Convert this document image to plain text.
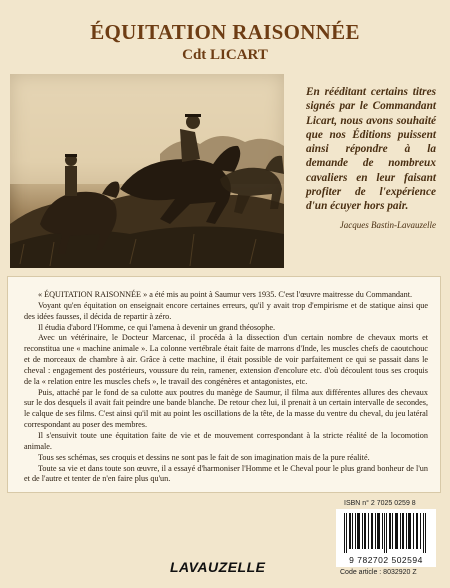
ÉQUITATION RAISONNÉE
Cdt LICART
En rééditant certains titres signés par le Commandant Licart, nous avons souhaité que nos Éditions puissent ainsi répondre à la demande de nombreux cavaliers en leur faisant profiter de l'expérience d'un écuyer hors pair.
Jacques Bastin-Lavauzelle

« ÉQUITATION RAISONNÉE » a été mis au point à Saumur vers 1935. C'est l'œuvre maitresse du Commandant.

Voyant qu'en équitation on enseignait encore certaines erreurs, qu'il y avait trop d'empirisme et de statique ainsi que des idées fausses, il décida de repartir à zéro.

Il étudia d'abord l'Homme, ce qui l'amena à devenir un grand théosophe.

Avec un vétérinaire, le Docteur Marcenac, il procéda à la dissection d'un certain nombre de chevaux morts et reconstitua une « machine animale ». La colonne vertébrale était faite de marrons d'Inde, les muscles chefs de caoutchouc et de morceaux de chambre à air. Grâce à cette machine, il était possible de voir parfaitement ce qui se passait dans le cheval : engagement des postérieurs, voussure du rein, ramener, extension d'encolure etc. d'où découlent tous ses croquis de la « relation entre les muscles chefs », le travail des congénères et antagonistes, etc.

Puis, attaché par le fond de sa culotte aux poutres du manège de Saumur, il filma aux différentes allures des chevaux sur le dos desquels il avait fait peindre une bande blanche. De retour chez lui, il prenait à un certain intervalle de secondes, le calque de ses films. C'est ainsi qu'il mit au point les oscillations de la tête, de la masse du ventre du cheval, du jeu latéral correspondant au poser des membres.

Il s'ensuivit toute une équitation faite de vie et de mouvement correspondant à la stricte réalité de la locomotion animale.

Tous ses schémas, ses croquis et dessins ne sont pas le fait de son imagination mais de la pure réalité.

Toute sa vie et dans toute son œuvre, il a essayé d'harmoniser l'Homme et le Cheval pour le plus grand bonheur de l'un et de l'autre et tenter de n'en faire plus qu'un.

ISBN n° 2 7025 0259 8
9 782702 502594
Code article : 8032920 Z
LAVAUZELLE
